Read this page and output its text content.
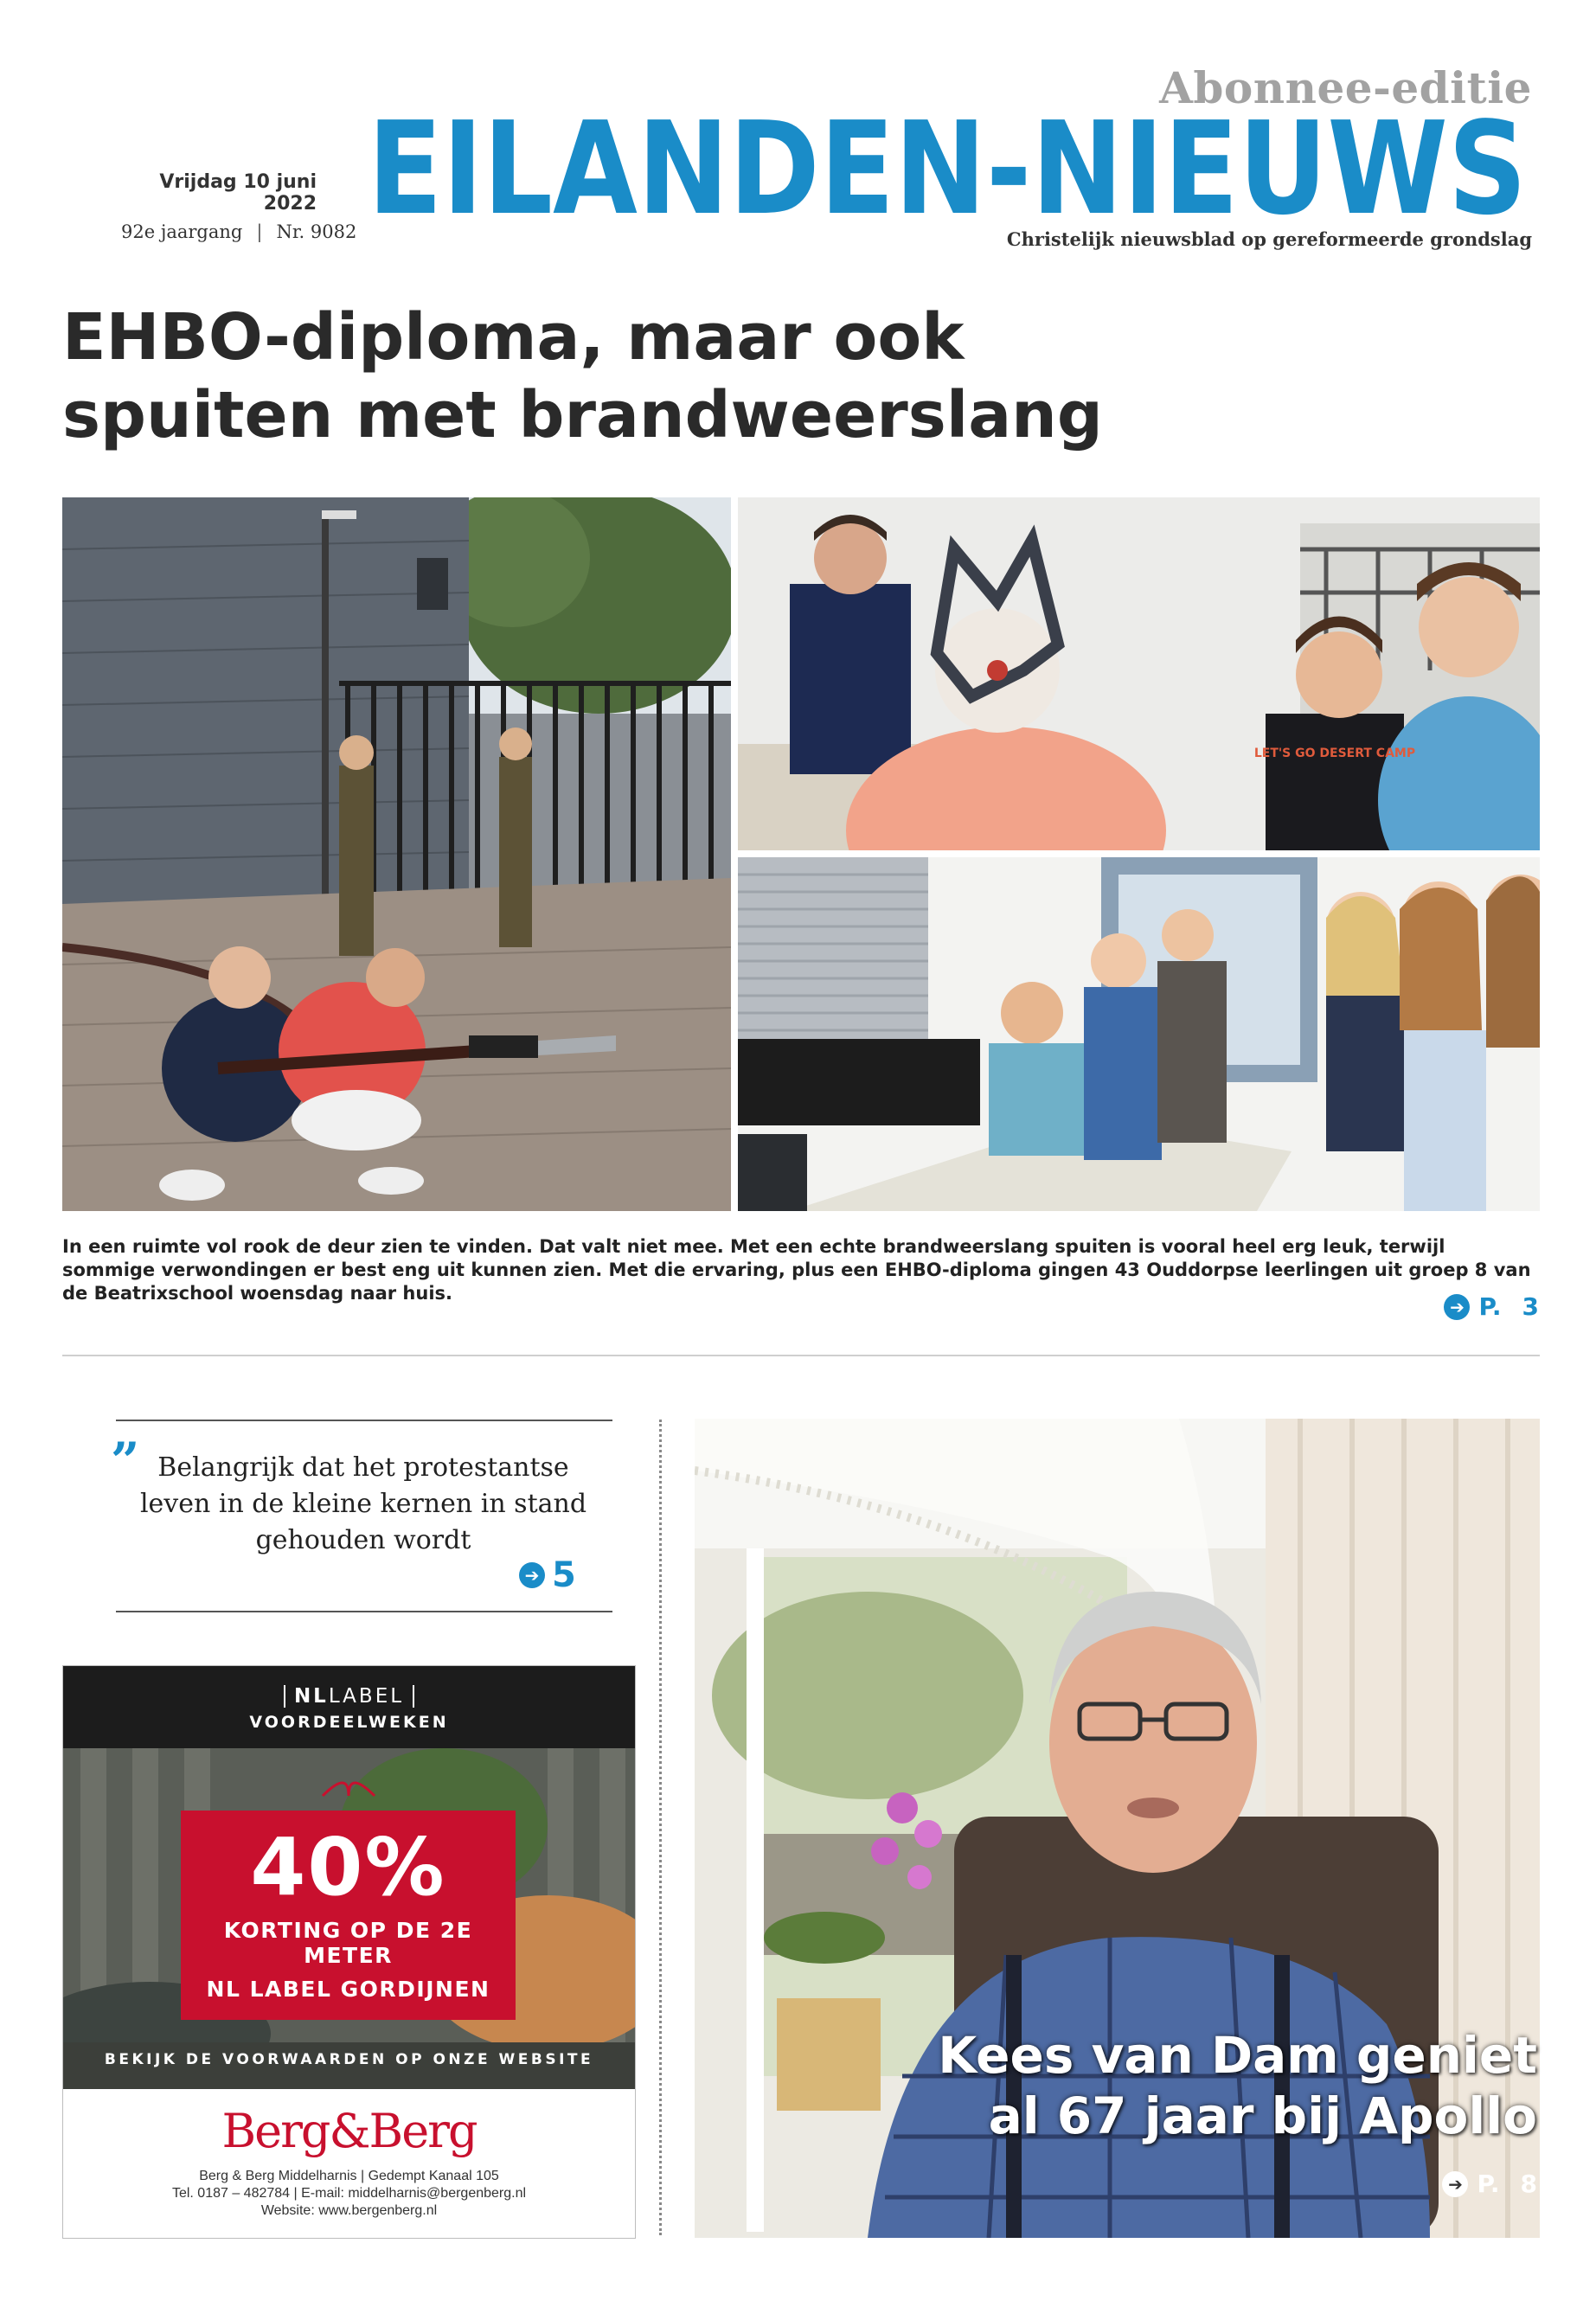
Abonnee-editie
Vrijdag 10 juni 2022
92e jaargang | Nr. 9082 EILANDEN-NIEUWS
Christelijk nieuwsblad op gereformeerde grondslag
EHBO-diploma, maar ook
spuiten met brandweerslang
LET'S GO DESERT CAMP
In een ruimte vol rook de deur zien te vinden. Dat valt niet mee. Met een echte brandweerslang spuiten is vooral heel erg leuk, terwijl sommige verwondingen er best eng uit kunnen zien. Met die ervaring, plus een EHBO-diploma gingen 43 Ouddorpse leerlingen uit groep 8 van de Beatrixschool woensdag naar huis.
➔ P. 3
” Belangrijk dat het protestantse leven in de kleine kernen in stand gehouden wordt
➔ 5
NLLABEL
VOORDEELWEKEN
40%
KORTING OP DE 2E METER
NL LABEL GORDIJNEN
BEKIJK DE VOORWAARDEN OP ONZE WEBSITE
Berg&Berg
Berg & Berg Middelharnis | Gedempt Kanaal 105
Tel. 0187 – 482784 | E-mail: middelharnis@bergenberg.nl
Website: www.bergenberg.nl
Kees van Dam geniet
al 67 jaar bij Apollo
➔ P. 8
